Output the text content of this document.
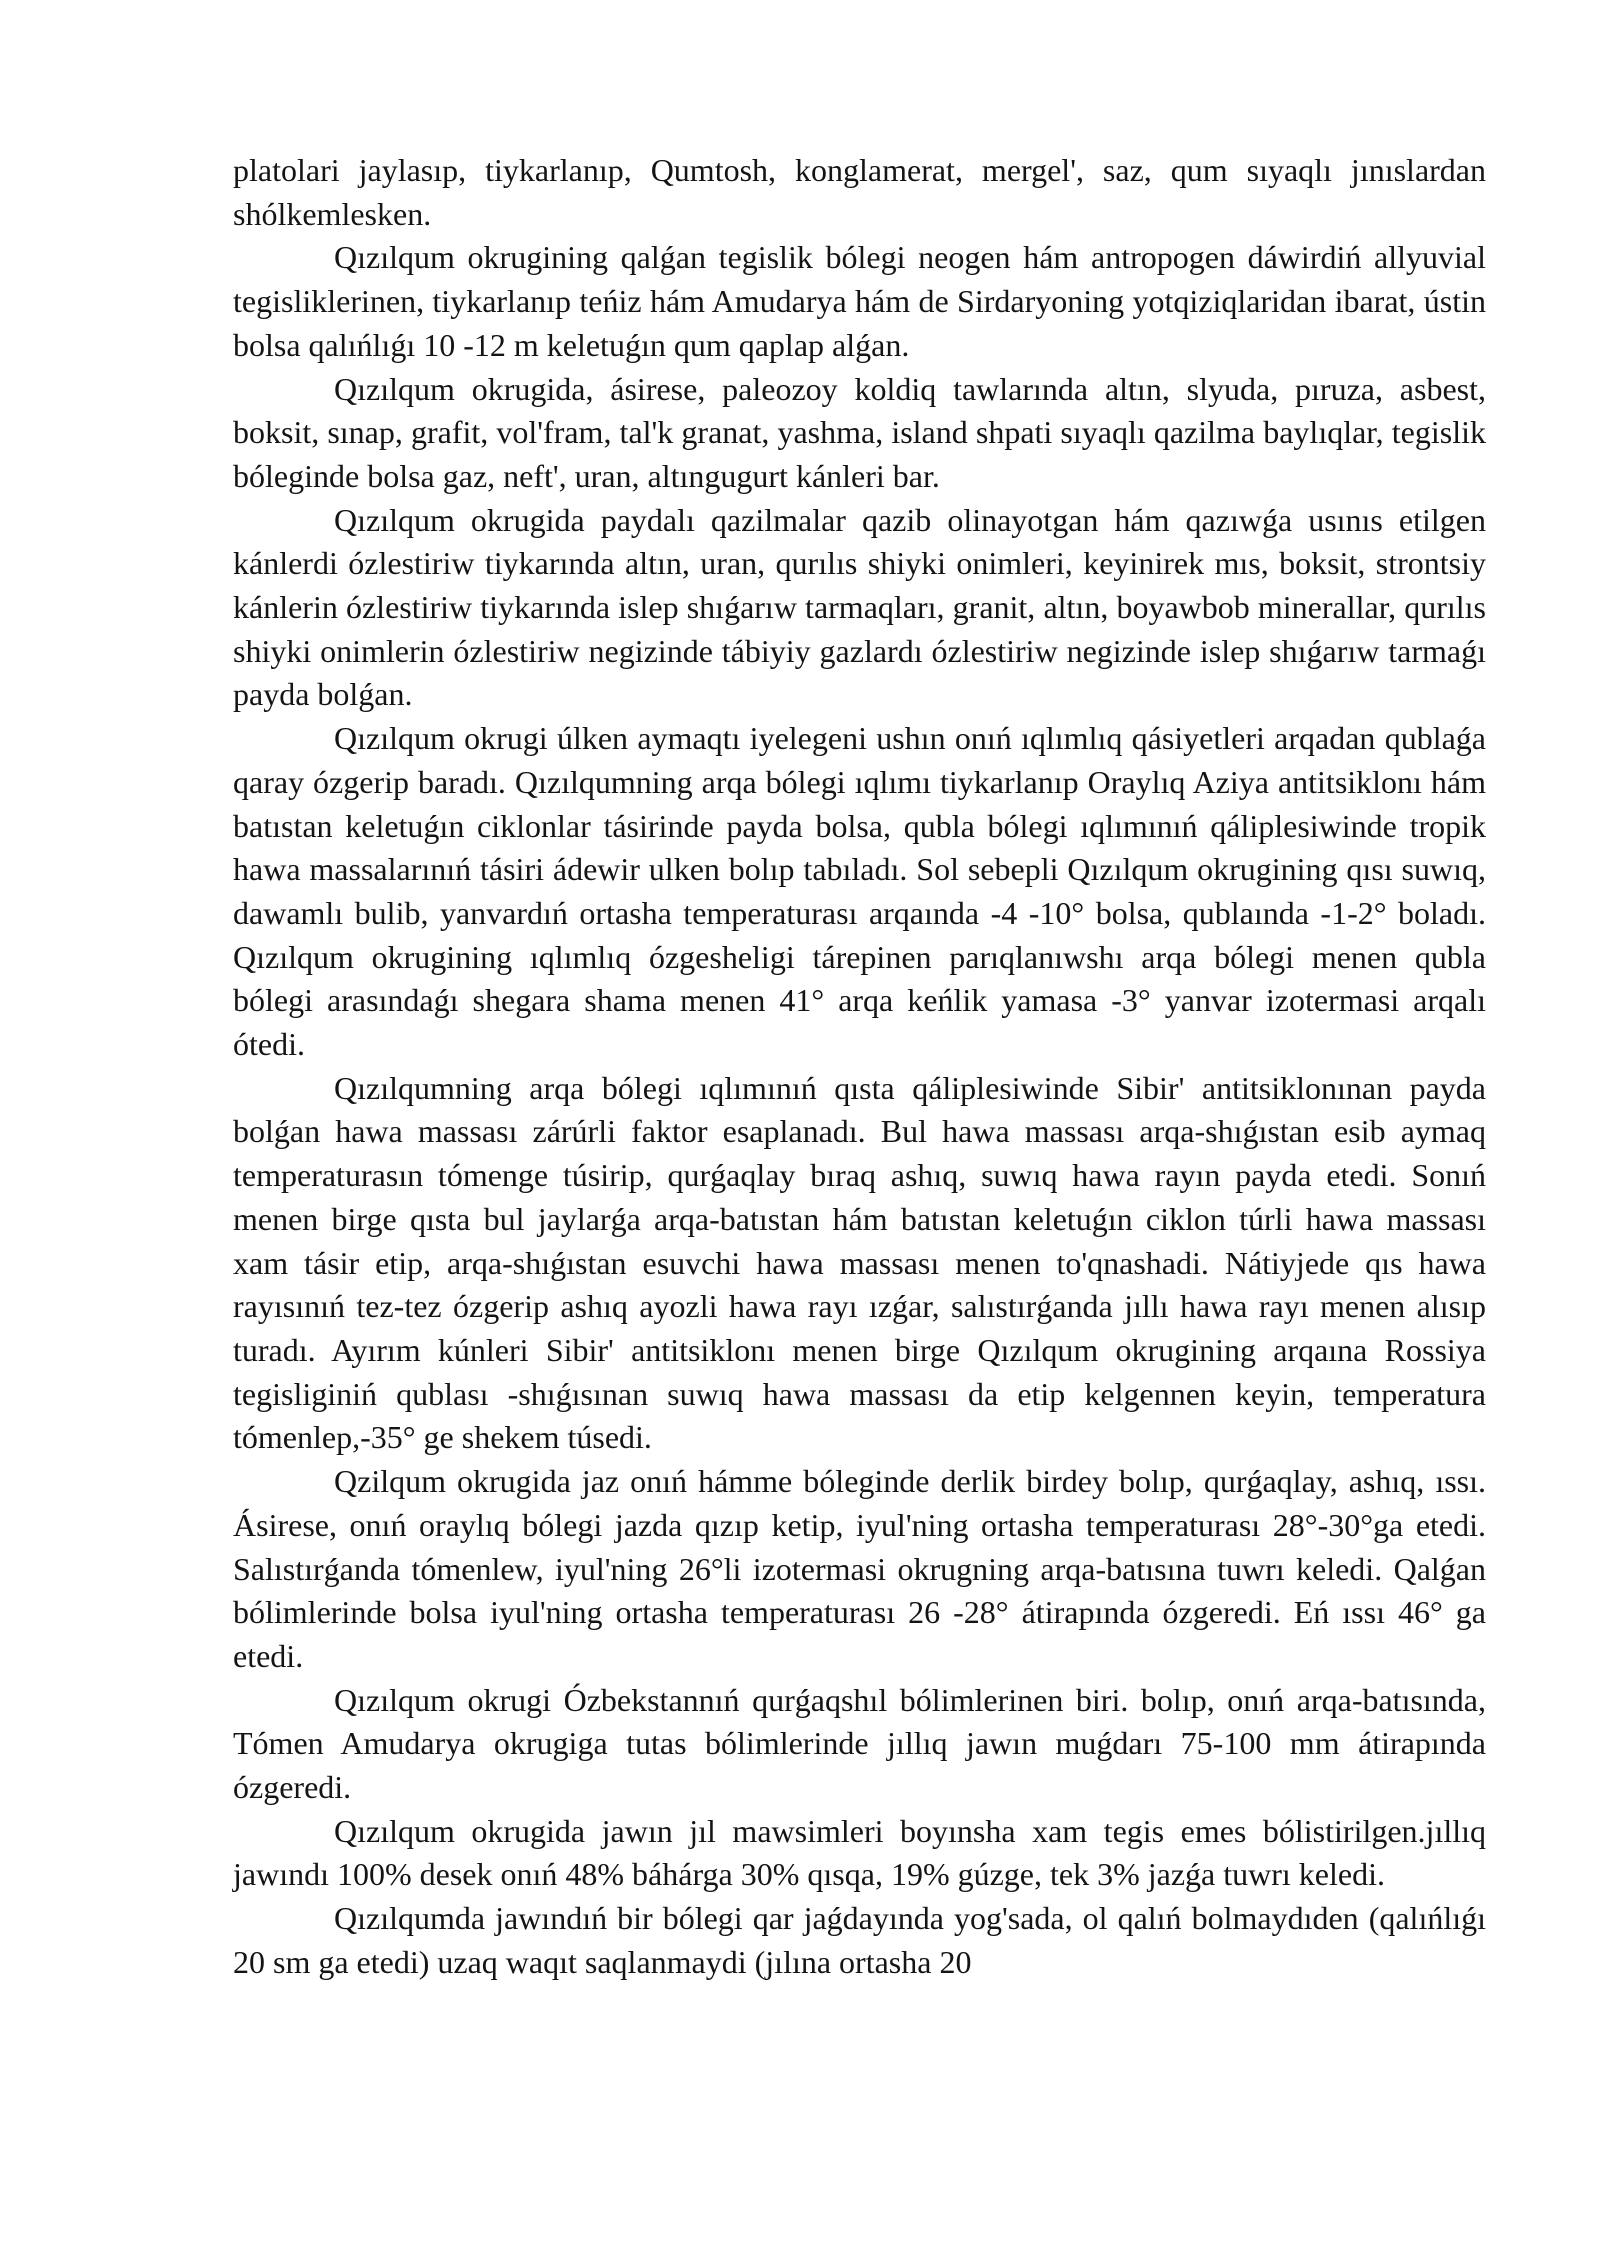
platolari jaylasıp, tiykarlanıp, Qumtosh, konglamerat, mergel', saz, qum sıyaqlı jınıslardan shólkemlesken.

Qızılqum okrugining qalǵan tegislik bólegi neogen hám antropogen dáwirdiń allyuvial tegisliklerinen, tiykarlanıp teńiz hám Amudarya hám de Sirdaryoning yotqiziqlaridan ibarat, ústin bolsa qalıńlıǵı 10 -12 m keletuǵın qum qaplap alǵan.

Qızılqum okrugida, ásirese, paleozoy koldiq tawlarında altın, slyuda, pıruza, asbest, boksit, sınap, grafit, vol'fram, tal'k granat, yashma, island shpati sıyaqlı qazilma baylıqlar, tegislik bóleginde bolsa gaz, neft', uran, altıngugurt kánleri bar.

Qızılqum okrugida paydalı qazilmalar qazib olinayotgan hám qazıwǵa usınıs etilgen kánlerdi ózlestiriw tiykarında altın, uran, qurılıs shiyki onimleri, keyinirek mıs, boksit, strontsiy kánlerin ózlestiriw tiykarında islep shıǵarıw tarmaqları, granit, altın, boyawbob minerallar, qurılıs shiyki onimlerin ózlestiriw negizinde tábiyiy gazlardı ózlestiriw negizinde islep shıǵarıw tarmaǵı payda bolǵan.

Qızılqum okrugi úlken aymaqtı iyelegeni ushın onıń ıqlımlıq qásiyetleri arqadan qublaǵa qaray ózgerip baradı. Qızılqumning arqa bólegi ıqlımı tiykarlanıp Oraylıq Aziya antitsiklonı hám batıstan keletuǵın ciklonlar tásirinde payda bolsa, qubla bólegi ıqlımınıń qáliplesiwinde tropik hawa massalarınıń tásiri ádewir ulken bolıp tabıladı. Sol sebepli Qızılqum okrugining qısı suwıq, dawamlı bulib, yanvardıń ortasha temperaturası arqaında -4 -10° bolsa, qublaında -1-2° boladı. Qızılqum okrugining ıqlımlıq ózgesheligi tárepinen parıqlanıwshı arqa bólegi menen qubla bólegi arasındaǵı shegara shama menen 41° arqa keńlik yamasa -3° yanvar izotermasi arqalı ótedi.

Qızılqumning arqa bólegi ıqlımınıń qısta qáliplesiwinde Sibir' antitsiklonınan payda bolǵan hawa massası zárúrli faktor esaplanadı. Bul hawa massası arqa-shıǵıstan esib aymaq temperaturasın tómenge túsirip, qurǵaqlay bıraq ashıq, suwıq hawa rayın payda etedi. Sonıń menen birge qısta bul jaylarǵa arqa-batıstan hám batıstan keletuǵın ciklon túrli hawa massası xam tásir etip, arqa-shıǵıstan esuvchi hawa massası menen to'qnashadi. Nátiyjede qıs hawa rayısınıń tez-tez ózgerip ashıq ayozli hawa rayı ızǵar, salıstırǵanda jıllı hawa rayı menen alısıp turadı. Ayırım kúnleri Sibir' antitsiklonı menen birge Qızılqum okrugining arqaına Rossiya tegisliginiń qublası -shıǵısınan suwıq hawa massası da etip kelgennen keyin, temperatura tómenlep,-35° ge shekem túsedi.

Qzilqum okrugida jaz onıń hámme bóleginde derlik birdey bolıp, qurǵaqlay, ashıq, ıssı. Ásirese, onıń oraylıq bólegi jazda qızıp ketip, iyul'ning ortasha temperaturası 28°-30°ga etedi. Salıstırǵanda tómenlew, iyul'ning 26°li izotermasi okrugning arqa-batısına tuwrı keledi. Qalǵan bólimlerinde bolsa iyul'ning ortasha temperaturası 26 -28° átirapında ózgeredi. Eń ıssı 46° ga etedi.

Qızılqum okrugi Ózbekstannıń qurǵaqshıl bólimlerinen biri. bolıp, onıń arqa-batısında, Tómen Amudarya okrugiga tutas bólimlerinde jıllıq jawın muǵdarı 75-100 mm átirapında ózgeredi.

Qızılqum okrugida jawın jıl mawsimleri boyınsha xam tegis emes bólistirilgen.jıllıq jawındı 100% desek onıń 48% báhárga 30% qısqa, 19% gúzge, tek 3% jazǵa tuwrı keledi.

Qızılqumda jawındıń bir bólegi qar jaǵdayında yog'sada, ol qalıń bolmaydıden (qalıńlıǵı 20 sm ga etedi) uzaq waqıt saqlanmaydi (jılına ortasha 20
